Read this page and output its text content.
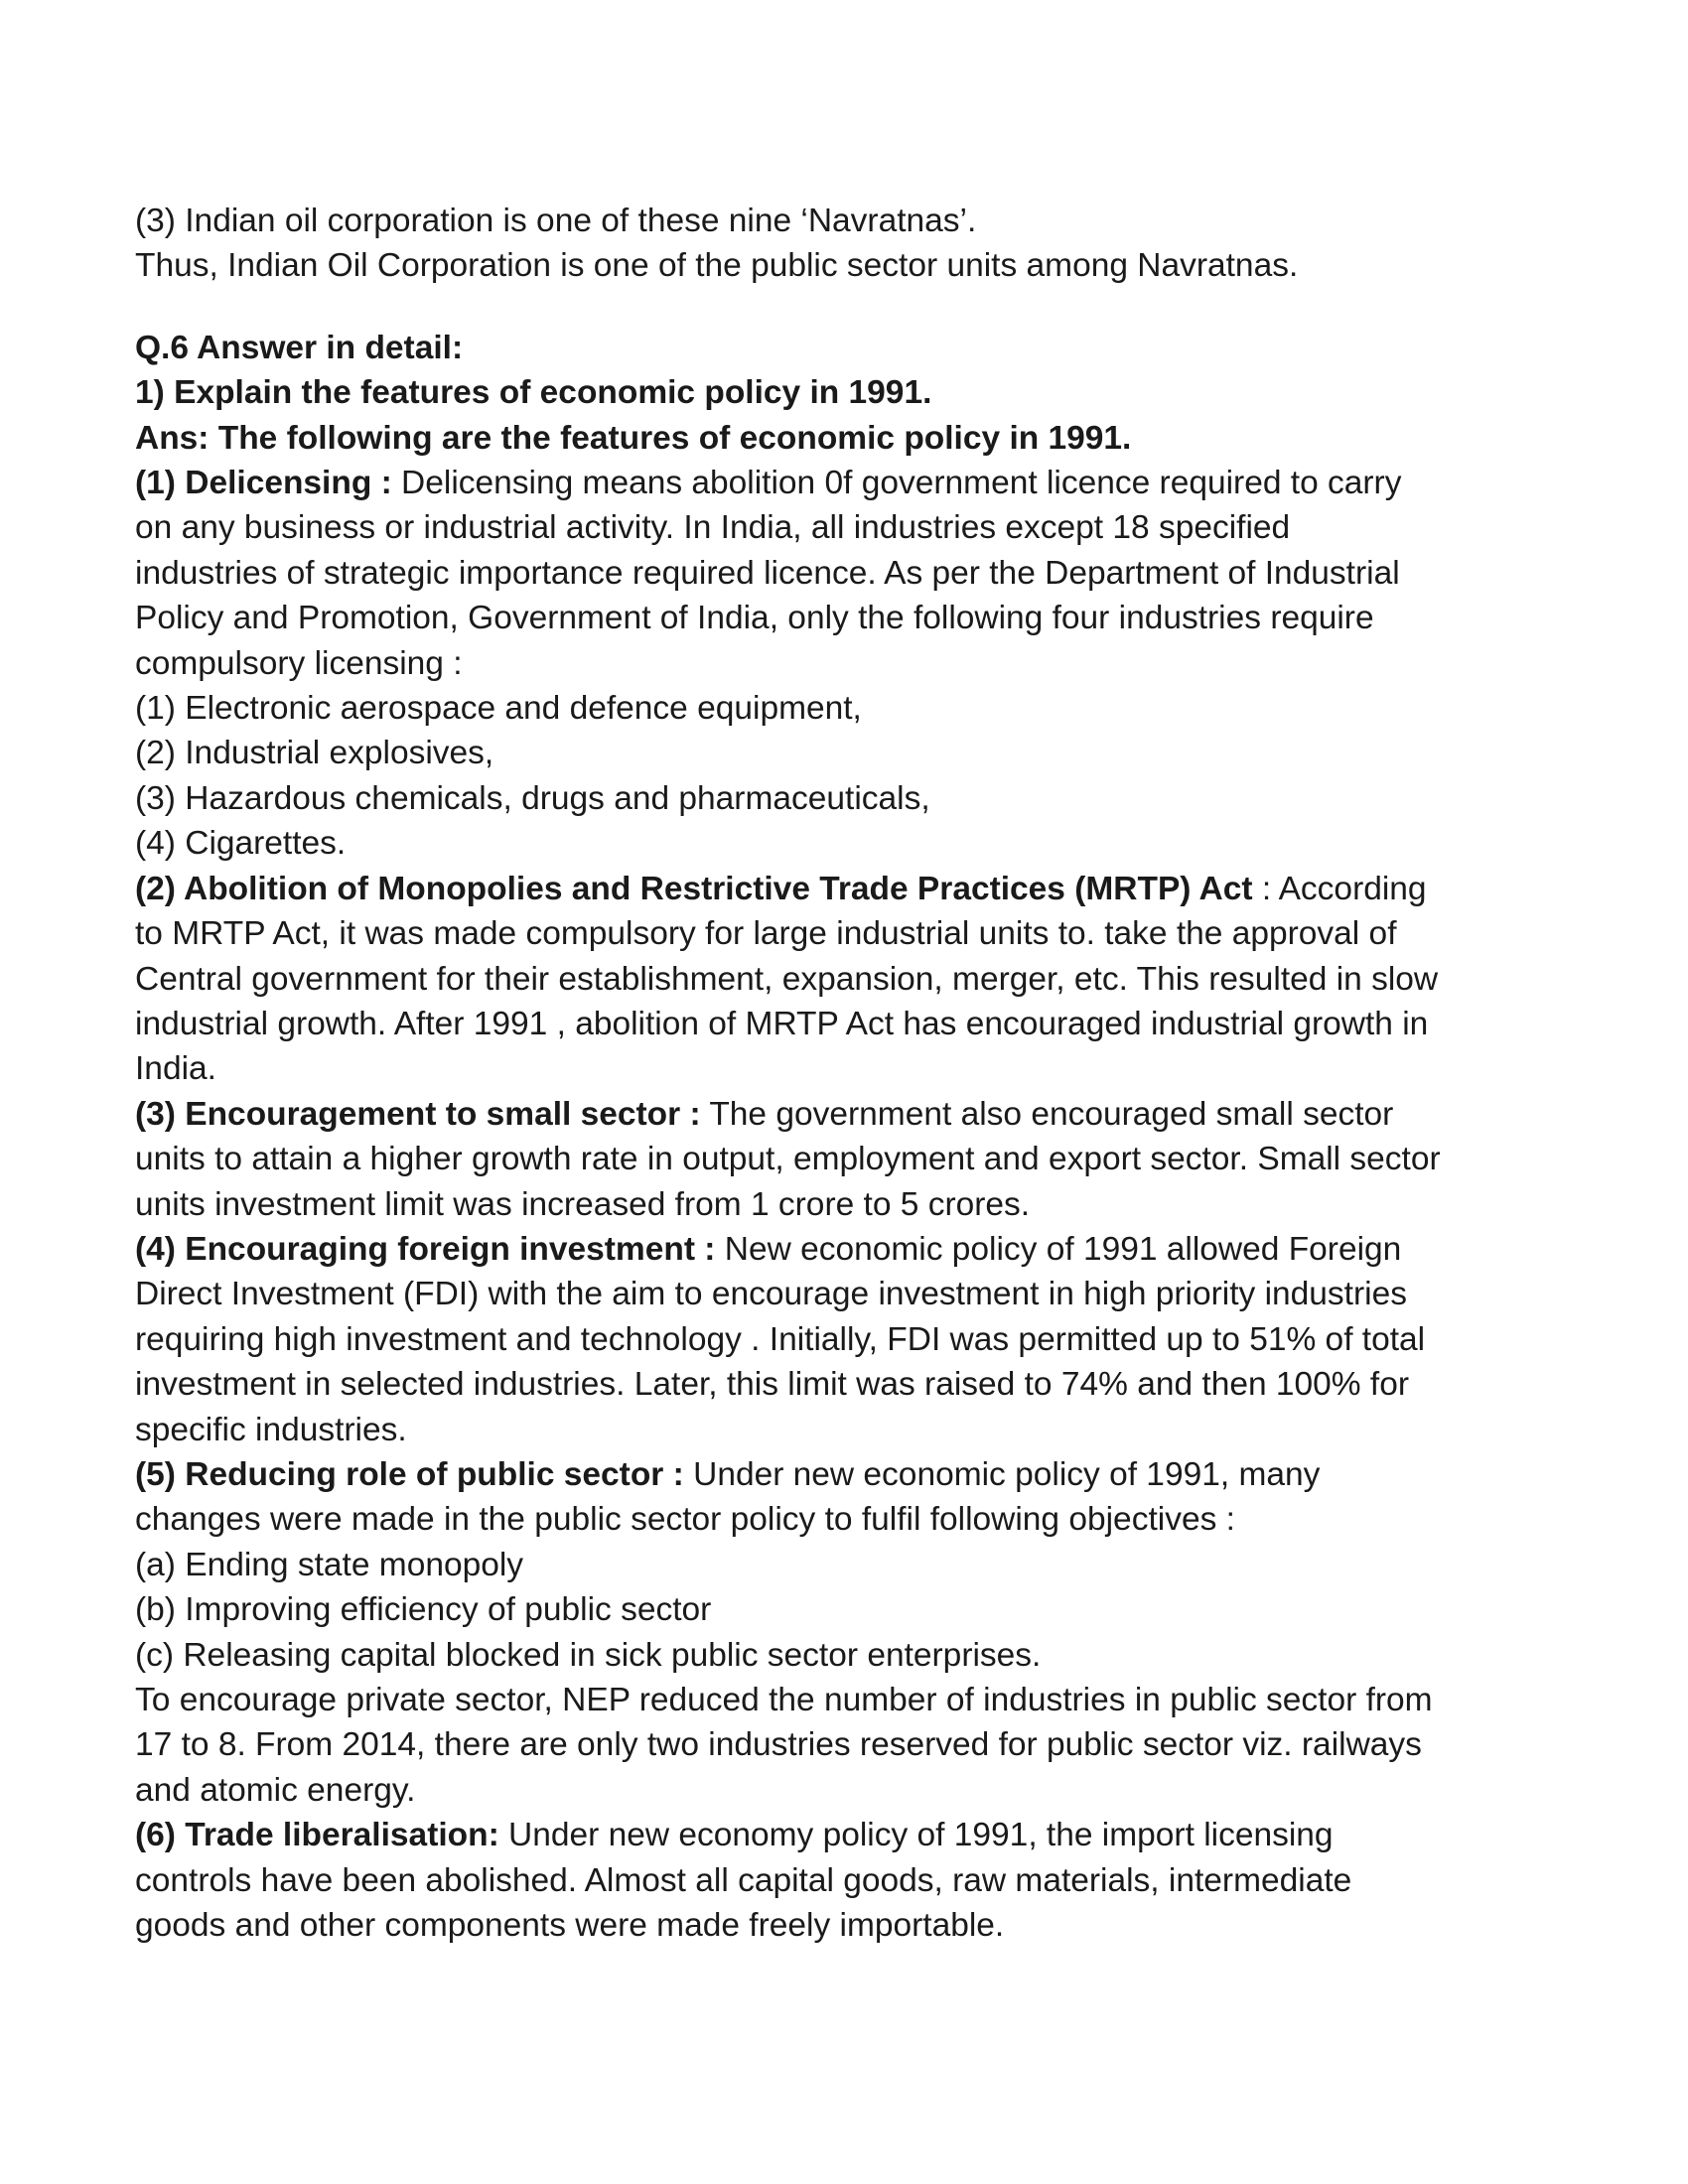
(3) Indian oil corporation is one of these nine ‘Navratnas’.
Thus, Indian Oil Corporation is one of the public sector units among Navratnas.
Q.6 Answer in detail:
1) Explain the features of economic policy in 1991.
Ans: The following are the features of economic policy in 1991.
(1) Delicensing : Delicensing means abolition 0f government licence required to carry
on any business or industrial activity. In India, all industries except 18 specified
industries of strategic importance required licence. As per the Department of Industrial
Policy and Promotion, Government of India, only the following four industries require
compulsory licensing :
(1) Electronic aerospace and defence equipment,
(2) Industrial explosives,
(3) Hazardous chemicals, drugs and pharmaceuticals,
(4) Cigarettes.
(2) Abolition of Monopolies and Restrictive Trade Practices (MRTP) Act : According
to MRTP Act, it was made compulsory for large industrial units to. take the approval of
Central government for their establishment, expansion, merger, etc. This resulted in slow
industrial growth. After 1991 , abolition of MRTP Act has encouraged industrial growth in
India.
(3) Encouragement to small sector : The government also encouraged small sector
units to attain a higher growth rate in output, employment and export sector. Small sector
units investment limit was increased from 1 crore to 5 crores.
(4) Encouraging foreign investment : New economic policy of 1991 allowed Foreign
Direct Investment (FDI) with the aim to encourage investment in high priority industries
requiring high investment and technology . Initially, FDI was permitted up to 51% of total
investment in selected industries. Later, this limit was raised to 74% and then 100% for
specific industries.
(5) Reducing role of public sector : Under new economic policy of 1991, many
changes were made in the public sector policy to fulfil following objectives :
(a) Ending state monopoly
(b) Improving efficiency of public sector
(c) Releasing capital blocked in sick public sector enterprises.
To encourage private sector, NEP reduced the number of industries in public sector from
17 to 8. From 2014, there are only two industries reserved for public sector viz. railways
and atomic energy.
(6) Trade liberalisation: Under new economy policy of 1991, the import licensing
controls have been abolished. Almost all capital goods, raw materials, intermediate
goods and other components were made freely importable.
